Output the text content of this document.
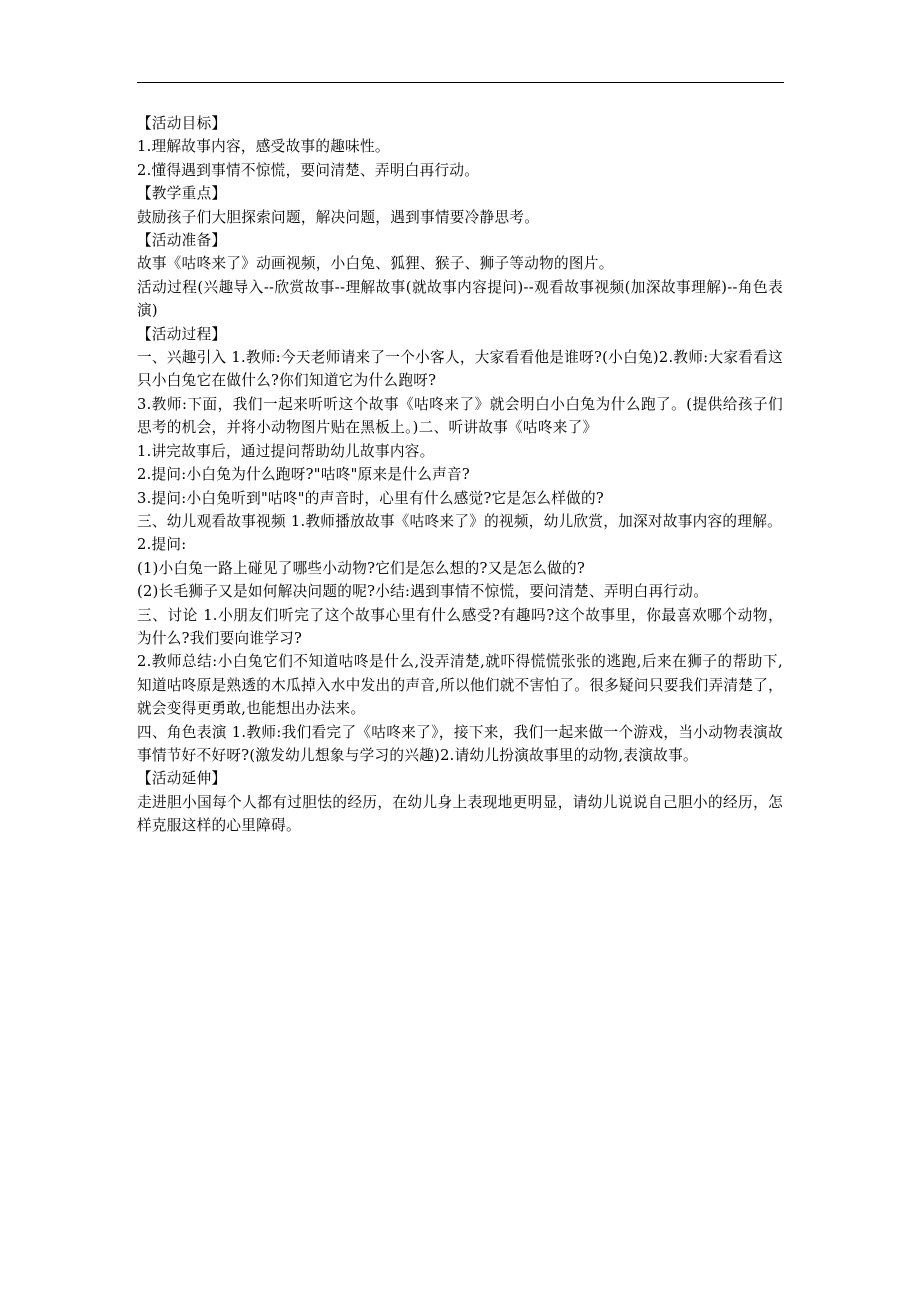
【活动目标】

1.理解故事内容，感受故事的趣味性。

2.懂得遇到事情不惊慌，要问清楚、弄明白再行动。

【教学重点】

鼓励孩子们大胆探索问题，解决问题，遇到事情要冷静思考。

【活动准备】

故事《咕咚来了》动画视频，小白兔、狐狸、猴子、狮子等动物的图片。

活动过程(兴趣导入--欣赏故事--理解故事(就故事内容提问)--观看故事视频(加深故事理解)--角色表演)

【活动过程】

一、兴趣引入 1.教师:今天老师请来了一个小客人，大家看看他是谁呀?(小白兔)2.教师:大家看看这只小白兔它在做什么?你们知道它为什么跑呀?

3.教师:下面，我们一起来听听这个故事《咕咚来了》就会明白小白兔为什么跑了。(提供给孩子们思考的机会，并将小动物图片贴在黑板上。)二、听讲故事《咕咚来了》

1.讲完故事后，通过提问帮助幼儿故事内容。

2.提问:小白兔为什么跑呀?"咕咚"原来是什么声音?

3.提问:小白兔听到"咕咚"的声音时，心里有什么感觉?它是怎么样做的?

三、幼儿观看故事视频 1.教师播放故事《咕咚来了》的视频，幼儿欣赏，加深对故事内容的理解。

2.提问:

(1)小白兔一路上碰见了哪些小动物?它们是怎么想的?又是怎么做的?

(2)长毛狮子又是如何解决问题的呢?小结:遇到事情不惊慌，要问清楚、弄明白再行动。

三、讨论 1.小朋友们听完了这个故事心里有什么感受?有趣吗?这个故事里，你最喜欢哪个动物，为什么?我们要向谁学习?

2.教师总结:小白兔它们不知道咕咚是什么,没弄清楚,就吓得慌慌张张的逃跑,后来在狮子的帮助下,知道咕咚原是熟透的木瓜掉入水中发出的声音,所以他们就不害怕了。很多疑问只要我们弄清楚了，就会变得更勇敢,也能想出办法来。

四、角色表演 1.教师:我们看完了《咕咚来了》，接下来，我们一起来做一个游戏，当小动物表演故事情节好不好呀?(激发幼儿想象与学习的兴趣)2.请幼儿扮演故事里的动物,表演故事。

【活动延伸】

走进胆小国每个人都有过胆怯的经历，在幼儿身上表现地更明显，请幼儿说说自己胆小的经历，怎样克服这样的心里障碍。
